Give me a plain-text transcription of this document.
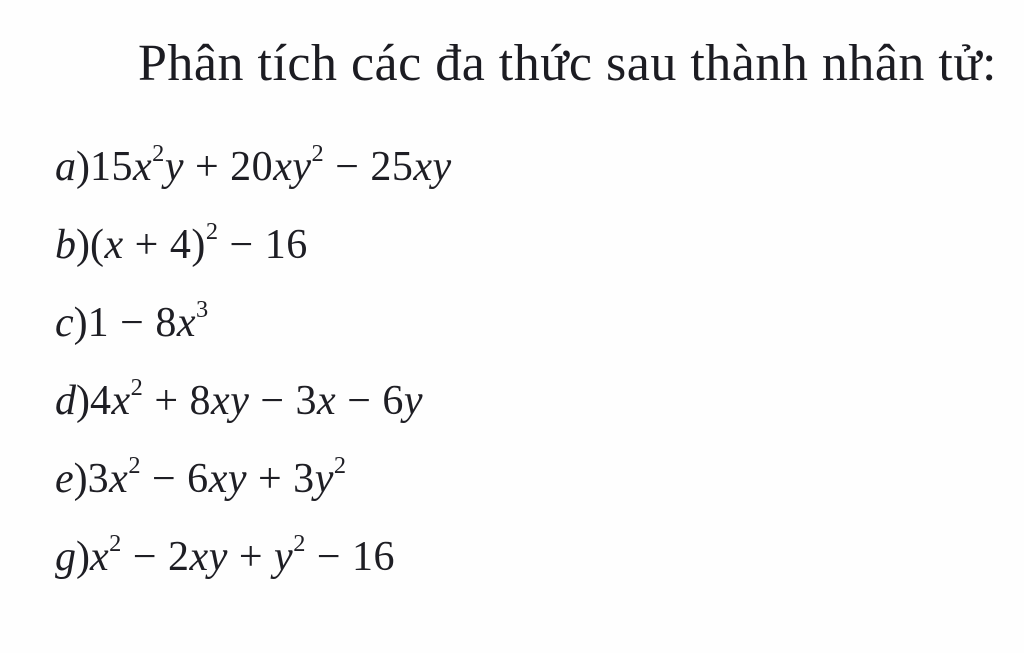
Phân tích các đa thức sau thành nhân tử:
a) $15x^2y + 20xy^2 - 25xy$
b) $(x + 4)^2 - 16$
c) $1 - 8x^3$
d) $4x^2 + 8xy - 3x - 6y$
e) $3x^2 - 6xy + 3y^2$
g) $x^2 - 2xy + y^2 - 16$
